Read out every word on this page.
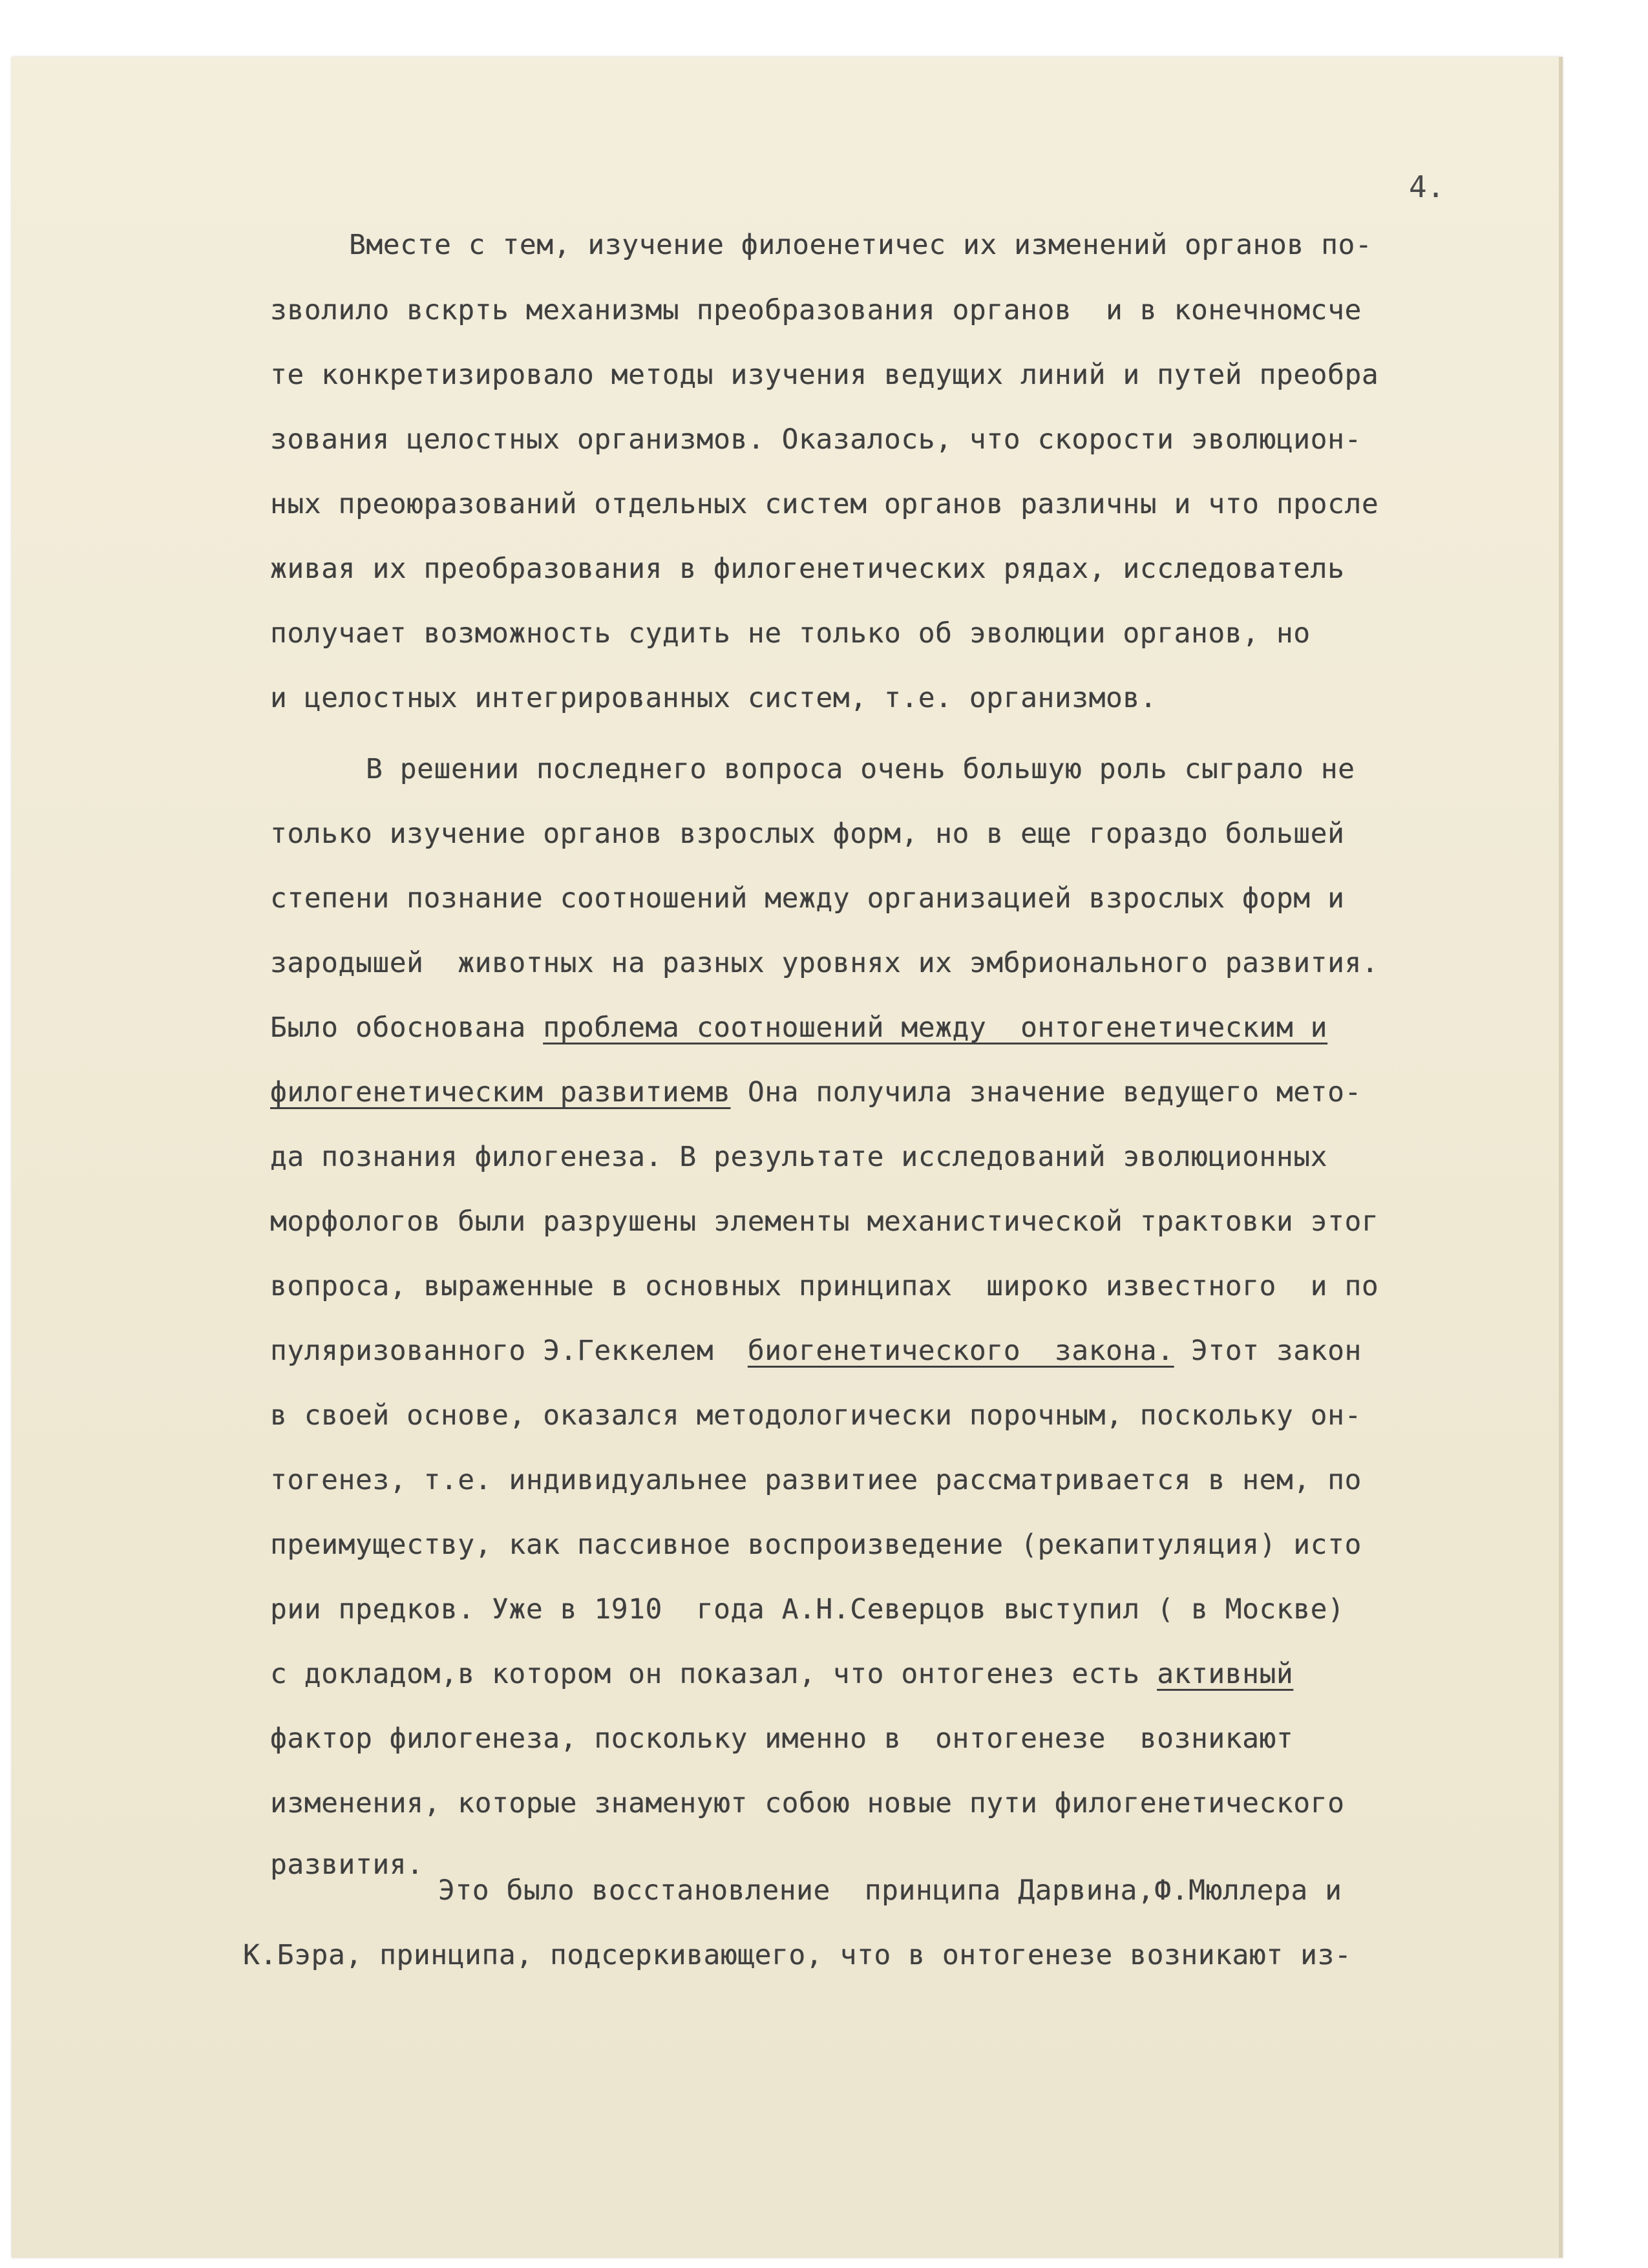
4.
Вместе с тем, изучение филоенетичес их изменений органов по-
зволило вскрть механизмы преобразования органов  и в конечномсче
те конкретизировало методы изучения ведущих линий и путей преобра
зования целостных организмов. Оказалось, что скорости эволюцион-
ных преоюразований отдельных систем органов различны и что просле
живая их преобразования в филогенетических рядах, исследователь
получает возможность судить не только об эволюции органов, но
и целостных интегрированных систем, т.е. организмов.
В решении последнего вопроса очень большую роль сыграло не
только изучение органов взрослых форм, но в еще гораздо большей
степени познание соотношений между организацией взрослых форм и
зародышей  животных на разных уровнях их эмбрионального развития.
Было обоснована проблема соотношений между  онтогенетическим и
филогенетическим развитиемв Она получила значение ведущего мето-
да познания филогенеза. В результате исследований эволюционных
морфологов были разрушены элементы механистической трактовки этог
вопроса, выраженные в основных принципах  широко известного  и по
пуляризованного Э.Геккелем  биогенетического  закона. Этот закон
в своей основе, оказался методологически порочным, поскольку он-
тогенез, т.е. индивидуальнее развитиее рассматривается в нем, по
преимуществу, как пассивное воспроизведение (рекапитуляция) исто
рии предков. Уже в 1910  года А.Н.Северцов выступил ( в Москве)
с докладом,в котором он показал, что онтогенез есть активный
фактор филогенеза, поскольку именно в  онтогенезе  возникают
изменения, которые знаменуют собою новые пути филогенетического
развития.
Это было восстановление  принципа Дарвина,Ф.Мюллера и
К.Бэра, принципа, подсеркивающего, что в онтогенезе возникают из-
